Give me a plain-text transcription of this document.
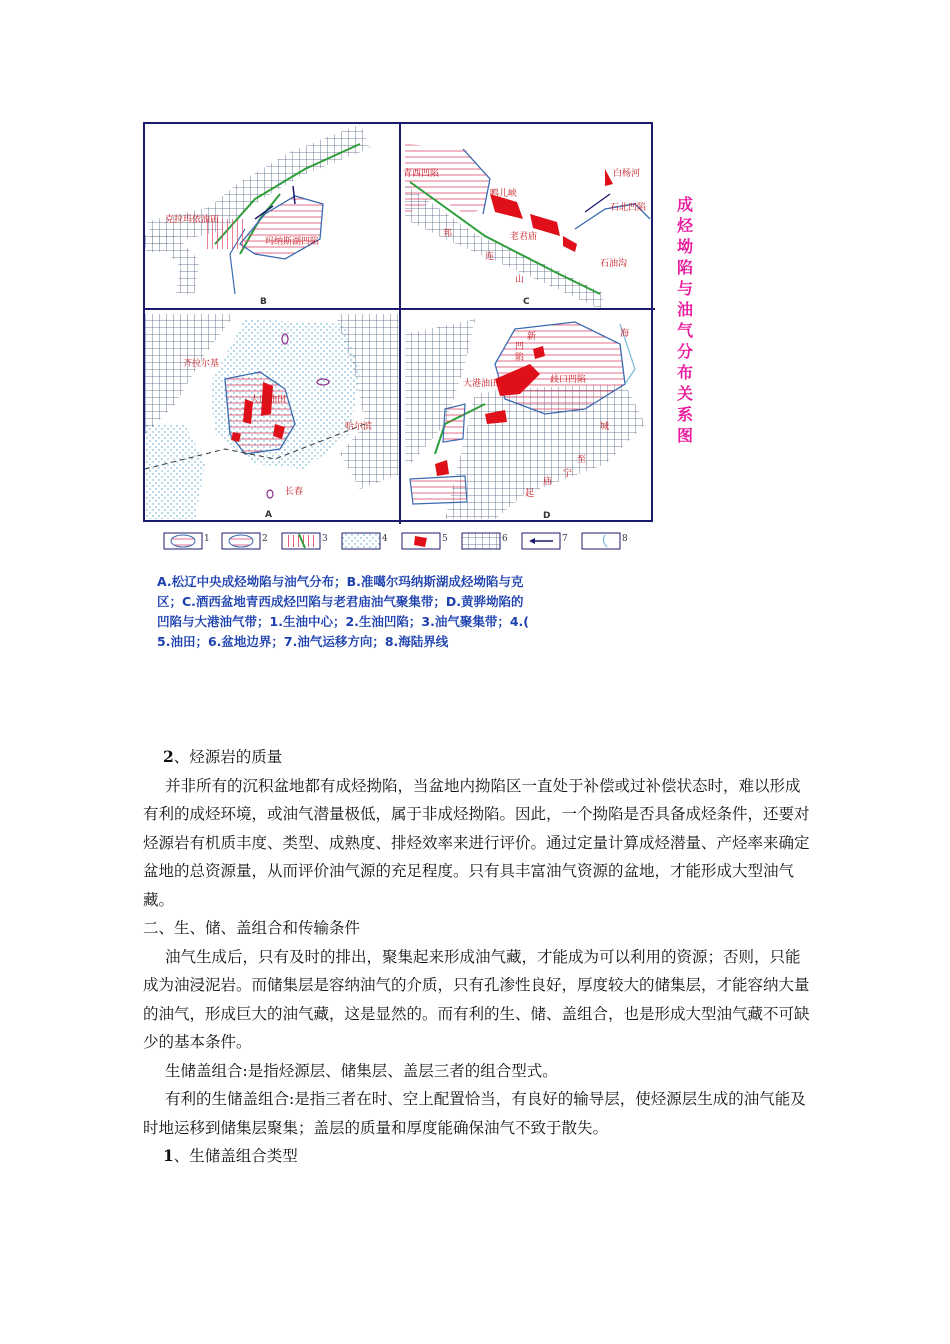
克拉玛依油田
玛纳斯湖凹陷
B
青西凹陷
鸭儿峡
白杨河
石北凹陷
老君庙
石油沟
邦
连
山
C
齐拉尔基
大庆油田
哈尔滨
长春
A
海
新
凹
陷
大港油田	歧口凹陷
城
至
宁
庙
起
D
成烃坳陷与油气分布关系图
1	2	3	4	5	6	7	8
A.松辽中央成烃坳陷与油气分布；B.准噶尔玛纳斯湖成烃坳陷与克
区；C.酒西盆地青西成烃凹陷与老君庙油气聚集带；D.黄骅坳陷的
凹陷与大港油气带；1.生油中心；2.生油凹陷；3.油气聚集带；4.(
5.油田；6.盆地边界；7.油气运移方向；8.海陆界线

2、烃源岩的质量

并非所有的沉积盆地都有成烃拗陷，当盆地内拗陷区一直处于补偿或过补偿状态时，难以形成有利的成烃环境，或油气潜量极低，属于非成烃拗陷。因此，一个拗陷是否具备成烃条件，还要对烃源岩有机质丰度、类型、成熟度、排烃效率来进行评价。通过定量计算成烃潜量、产烃率来确定盆地的总资源量，从而评价油气源的充足程度。只有具丰富油气资源的盆地，才能形成大型油气藏。

二、生、储、盖组合和传输条件

油气生成后，只有及时的排出，聚集起来形成油气藏，才能成为可以利用的资源；否则，只能成为油浸泥岩。而储集层是容纳油气的介质，只有孔渗性良好，厚度较大的储集层，才能容纳大量的油气，形成巨大的油气藏，这是显然的。而有利的生、储、盖组合，也是形成大型油气藏不可缺少的基本条件。

生储盖组合:是指烃源层、储集层、盖层三者的组合型式。

有利的生储盖组合:是指三者在时、空上配置恰当，有良好的输导层，使烃源层生成的油气能及时地运移到储集层聚集；盖层的质量和厚度能确保油气不致于散失。

1、生储盖组合类型
